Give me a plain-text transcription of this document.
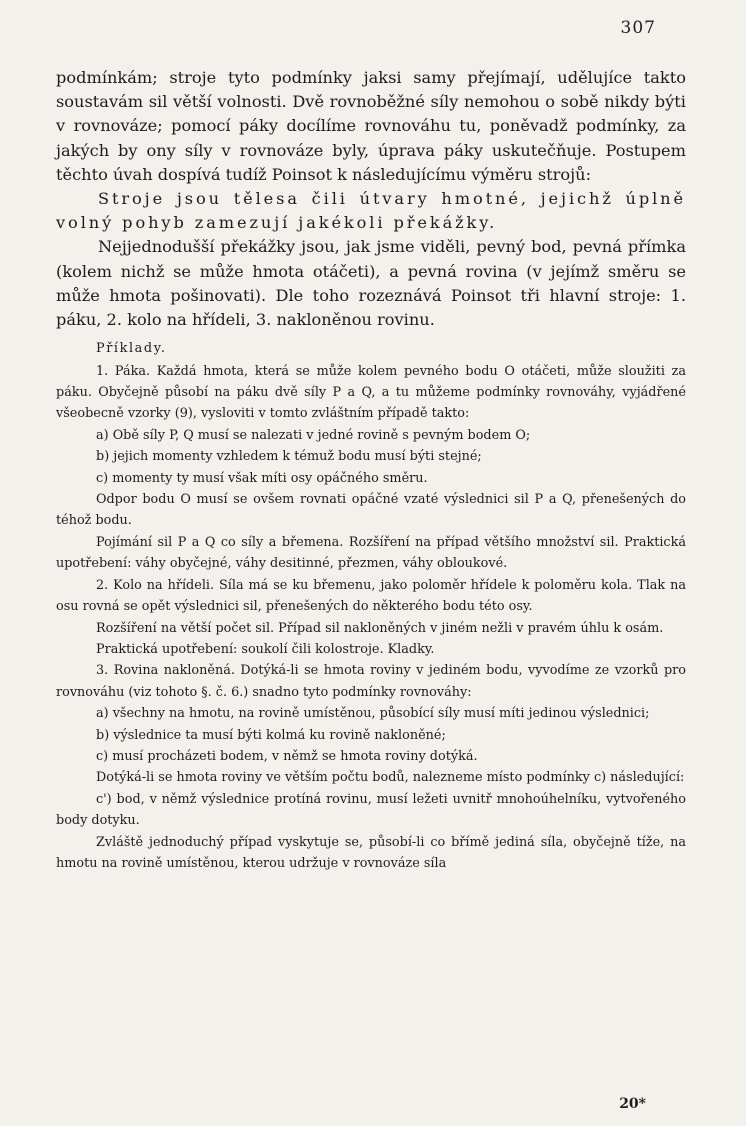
307

podmínkám; stroje tyto podmínky jaksi samy přejímají, udělujíce takto soustavám sil větší volnosti. Dvě rovnoběžné síly nemohou o sobě nikdy býti v rovnováze; pomocí páky docílíme rovnováhu tu, poněvadž podmínky, za jakých by ony síly v rovnováze byly, úprava páky uskutečňuje. Postupem těchto úvah dospívá tudíž Poinsot k následujícímu výměru strojů:

Stroje jsou tělesa čili útvary hmotné, jejichž úplně volný pohyb zamezují jakékoli překážky.

Nejjednodušší překážky jsou, jak jsme viděli, pevný bod, pevná přímka (kolem nichž se může hmota otáčeti), a pevná rovina (v jejímž směru se může hmota pošinovati). Dle toho rozeznává Poinsot tři hlavní stroje: 1. páku, 2. kolo na hřídeli, 3. nakloněnou rovinu.

Příklady.

1. Páka. Každá hmota, která se může kolem pevného bodu O otáčeti, může sloužiti za páku. Obyčejně působí na páku dvě síly P a Q, a tu můžeme podmínky rovnováhy, vyjádřené všeobecně vzorky (9), vysloviti v tomto zvláštním případě takto:

a) Obě síly P, Q musí se nalezati v jedné rovině s pevným bodem O;

b) jejich momenty vzhledem k témuž bodu musí býti stejné;

c) momenty ty musí však míti osy opáčného směru.

Odpor bodu O musí se ovšem rovnati opáčné vzaté výslednici sil P a Q, přenešených do téhož bodu.

Pojímání sil P a Q co síly a břemena. Rozšíření na případ většího množství sil. Praktická upotřebení: váhy obyčejné, váhy desitinné, přezmen, váhy obloukové.

2. Kolo na hřídeli. Síla má se ku břemenu, jako poloměr hřídele k poloměru kola. Tlak na osu rovná se opět výslednici sil, přenešených do některého bodu této osy.

Rozšíření na větší počet sil. Případ sil nakloněných v jiném nežli v pravém úhlu k osám.

Praktická upotřebení: soukolí čili kolostroje. Kladky.

3. Rovina nakloněná. Dotýká-li se hmota roviny v jediném bodu, vyvodíme ze vzorků pro rovnováhu (viz tohoto §. č. 6.) snadno tyto podmínky rovnováhy:

a) všechny na hmotu, na rovině umístěnou, působící síly musí míti jedinou výslednici;

b) výslednice ta musí býti kolmá ku rovině nakloněné;

c) musí procházeti bodem, v němž se hmota roviny dotýká.

Dotýká-li se hmota roviny ve větším počtu bodů, nalezneme místo podmínky c) následující:

c') bod, v němž výslednice protíná rovinu, musí ležeti uvnitř mnohoúhelníku, vytvořeného body dotyku.

Zvláště jednoduchý případ vyskytuje se, působí-li co břímě jediná síla, obyčejně tíže, na hmotu na rovině umístěnou, kterou udržuje v rovnováze síla

20*
